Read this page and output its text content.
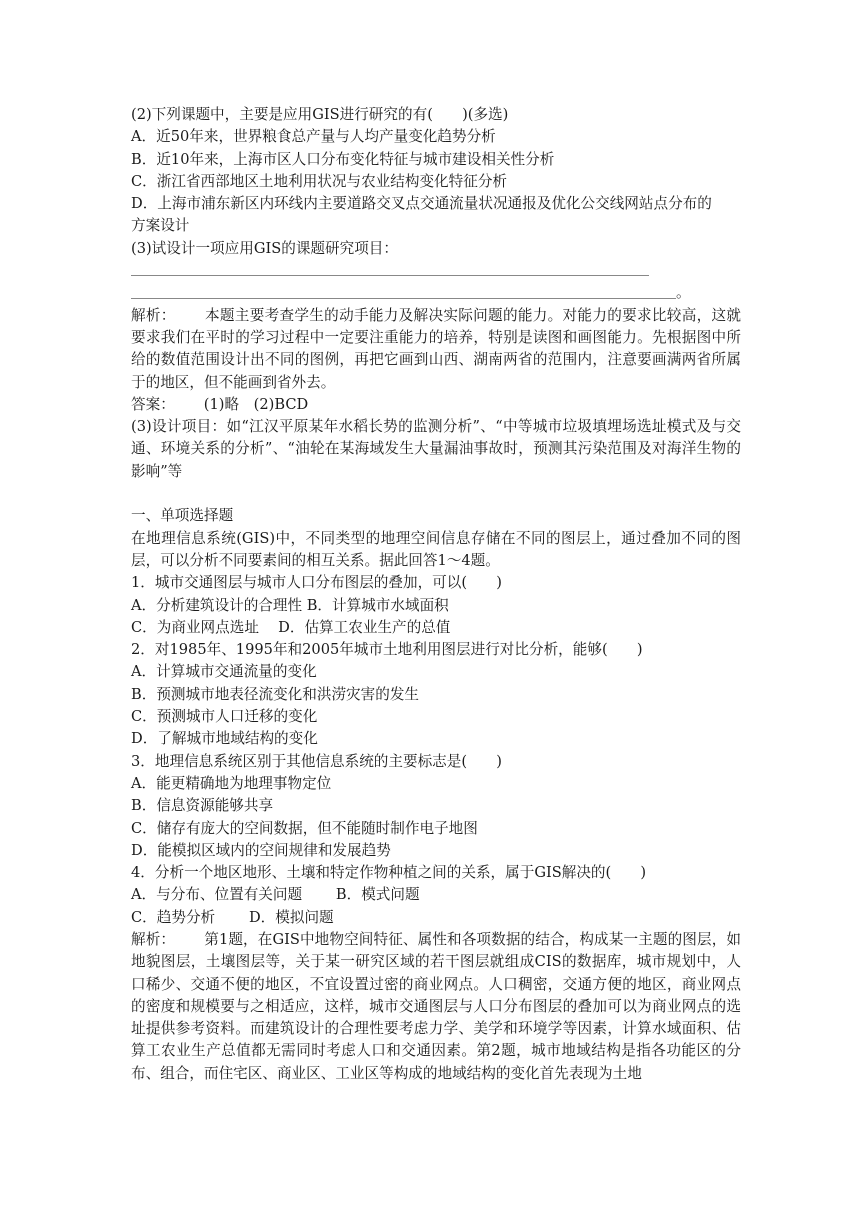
(2)下列课题中，主要是应用GIS进行研究的有(　　)(多选)

A．近50年来，世界粮食总产量与人均产量变化趋势分析

B．近10年来，上海市区人口分布变化特征与城市建设相关性分析

C．浙江省西部地区土地利用状况与农业结构变化特征分析

D．上海市浦东新区内环线内主要道路交叉点交通流量状况通报及优化公交线网站点分布的

方案设计

(3)试设计一项应用GIS的课题研究项目：

。

解析： 本题主要考查学生的动手能力及解决实际问题的能力。对能力的要求比较高，这就要求我们在平时的学习过程中一定要注重能力的培养，特别是读图和画图能力。先根据图中所给的数值范围设计出不同的图例，再把它画到山西、湖南两省的范围内，注意要画满两省所属于的地区，但不能画到省外去。

答案： (1)略　(2)BCD

(3)设计项目：如“江汉平原某年水稻长势的监测分析”、“中等城市垃圾填埋场选址模式及与交通、环境关系的分析”、“油轮在某海域发生大量漏油事故时，预测其污染范围及对海洋生物的影响”等

一、单项选择题

在地理信息系统(GIS)中，不同类型的地理空间信息存储在不同的图层上，通过叠加不同的图层，可以分析不同要素间的相互关系。据此回答1～4题。

1．城市交通图层与城市人口分布图层的叠加，可以(　　)

A．分析建筑设计的合理性 B．计算城市水域面积

C．为商业网点选址　 D．估算工农业生产的总值

2．对1985年、1995年和2005年城市土地利用图层进行对比分析，能够(　　)

A．计算城市交通流量的变化

B．预测城市地表径流变化和洪涝灾害的发生

C．预测城市人口迁移的变化

D．了解城市地域结构的变化

3．地理信息系统区别于其他信息系统的主要标志是(　　)

A．能更精确地为地理事物定位

B．信息资源能够共享

C．储存有庞大的空间数据，但不能随时制作电子地图

D．能模拟区域内的空间规律和发展趋势

4．分析一个地区地形、土壤和特定作物种植之间的关系，属于GIS解决的(　　)

A．与分布、位置有关问题　　 B．模式问题

C．趋势分析　　 D．模拟问题

解析： 第1题，在GIS中地物空间特征、属性和各项数据的结合，构成某一主题的图层，如地貌图层，土壤图层等，关于某一研究区域的若干图层就组成CIS的数据库，城市规划中，人口稀少、交通不便的地区，不宜设置过密的商业网点。人口稠密，交通方便的地区，商业网点的密度和规模要与之相适应，这样，城市交通图层与人口分布图层的叠加可以为商业网点的选址提供参考资料。而建筑设计的合理性要考虑力学、美学和环境学等因素，计算水域面积、估算工农业生产总值都无需同时考虑人口和交通因素。第2题，城市地域结构是指各功能区的分布、组合，而住宅区、商业区、工业区等构成的地域结构的变化首先表现为土地
